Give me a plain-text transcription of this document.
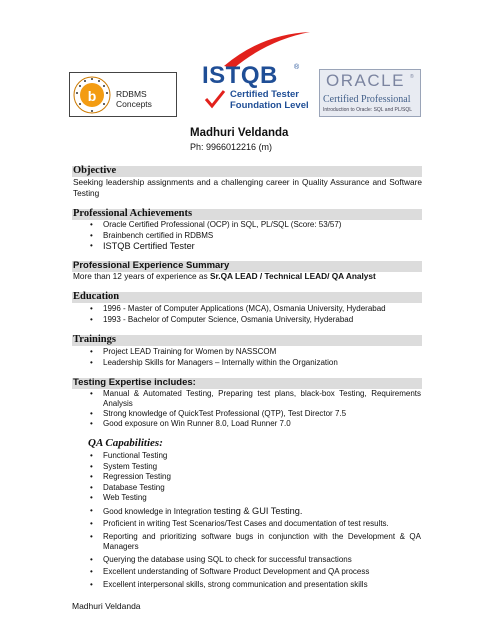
b RDBMS Concepts
ISTQB ®
Certified Tester
Foundation Level
ORACLE ®
Certified Professional
Introduction to Oracle: SQL and PL/SQL
Madhuri Veldanda
Ph: 9966012216 (m)
Objective

Seeking leadership assignments and a challenging career in Quality Assurance and Software Testing

Professional Achievements
• Oracle Certified Professional (OCP) in SQL, PL/SQL (Score: 53/57)
• Brainbench certified in RDBMS
• ISTQB Certified Tester
Professional Experience Summary

More than 12 years of experience as Sr.QA LEAD / Technical LEAD/ QA Analyst

Education
• 1996 - Master of Computer Applications (MCA), Osmania University, Hyderabad
• 1993 - Bachelor of Computer Science, Osmania University, Hyderabad
Trainings
• Project LEAD Training for Women by NASSCOM
• Leadership Skills for Managers – Internally within the Organization
Testing Expertise includes:
• Manual & Automated Testing, Preparing test plans, black-box Testing, Requirements Analysis
• Strong knowledge of QuickTest Professional (QTP), Test Director 7.5
• Good exposure on Win Runner 8.0, Load Runner 7.0
QA Capabilities:
• Functional Testing
• System Testing
• Regression Testing
• Database Testing
• Web Testing
• Good knowledge in Integration testing & GUI Testing.
• Proficient in writing Test Scenarios/Test Cases and documentation of test results.
• Reporting and prioritizing software bugs in conjunction with the Development & QA Managers
• Querying the database using SQL to check for successful transactions
• Excellent understanding of Software Product Development and QA process
• Excellent interpersonal skills, strong communication and presentation skills
Madhuri Veldanda
